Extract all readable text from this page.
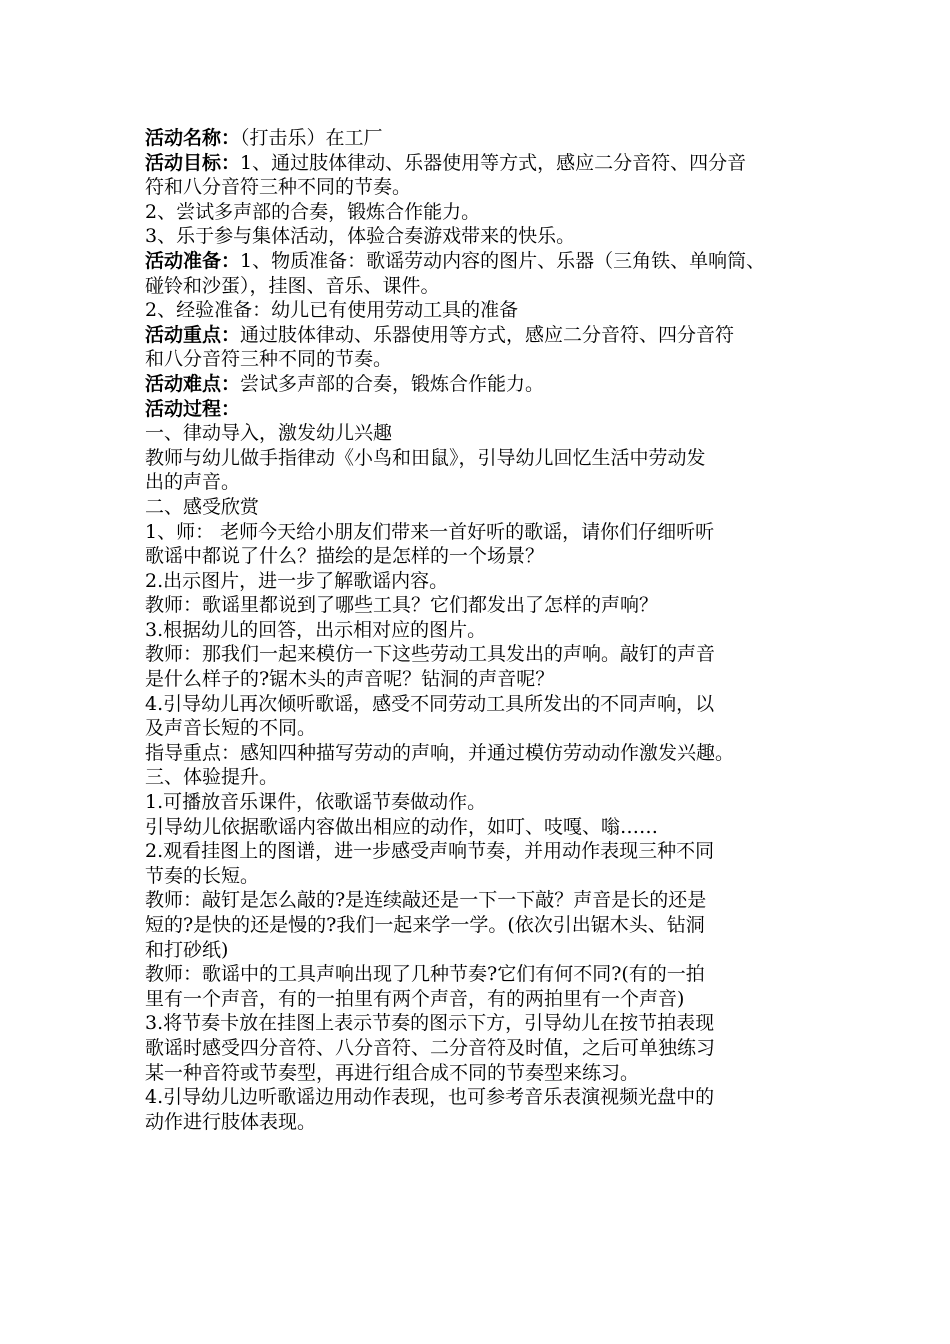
活动名称：（打击乐）在工厂
活动目标：1、通过肢体律动、乐器使用等方式，感应二分音符、四分音
符和八分音符三种不同的节奏。
2、尝试多声部的合奏，锻炼合作能力。
3、乐于参与集体活动，体验合奏游戏带来的快乐。
活动准备：1、物质准备：歌谣劳动内容的图片、乐器（三角铁、单响筒、
碰铃和沙蛋），挂图、音乐、课件。
2、经验准备：幼儿已有使用劳动工具的准备
活动重点：通过肢体律动、乐器使用等方式，感应二分音符、四分音符
和八分音符三种不同的节奏。
活动难点：尝试多声部的合奏，锻炼合作能力。
活动过程：
一、律动导入，激发幼儿兴趣
教师与幼儿做手指律动《小鸟和田鼠》，引导幼儿回忆生活中劳动发
出的声音。
二、感受欣赏
1、师： 老师今天给小朋友们带来一首好听的歌谣，请你们仔细听听
歌谣中都说了什么？描绘的是怎样的一个场景？
2.出示图片，进一步了解歌谣内容。
教师：歌谣里都说到了哪些工具？它们都发出了怎样的声响？
3.根据幼儿的回答，出示相对应的图片。
教师：那我们一起来模仿一下这些劳动工具发出的声响。敲钉的声音
是什么样子的?锯木头的声音呢？钻洞的声音呢？
4.引导幼儿再次倾听歌谣，感受不同劳动工具所发出的不同声响，以
及声音长短的不同。
指导重点：感知四种描写劳动的声响，并通过模仿劳动动作激发兴趣。
三、体验提升。
1.可播放音乐课件，依歌谣节奏做动作。
引导幼儿依据歌谣内容做出相应的动作，如叮、吱嘎、嗡……
2.观看挂图上的图谱，进一步感受声响节奏，并用动作表现三种不同
节奏的长短。
教师：敲钉是怎么敲的?是连续敲还是一下一下敲？声音是长的还是
短的?是快的还是慢的?我们一起来学一学。(依次引出锯木头、钻洞
和打砂纸)
教师：歌谣中的工具声响出现了几种节奏?它们有何不同?(有的一拍
里有一个声音，有的一拍里有两个声音，有的两拍里有一个声音)
3.将节奏卡放在挂图上表示节奏的图示下方，引导幼儿在按节拍表现
歌谣时感受四分音符、八分音符、二分音符及时值，之后可单独练习
某一种音符或节奏型，再进行组合成不同的节奏型来练习。
4.引导幼儿边听歌谣边用动作表现，也可参考音乐表演视频光盘中的
动作进行肢体表现。
